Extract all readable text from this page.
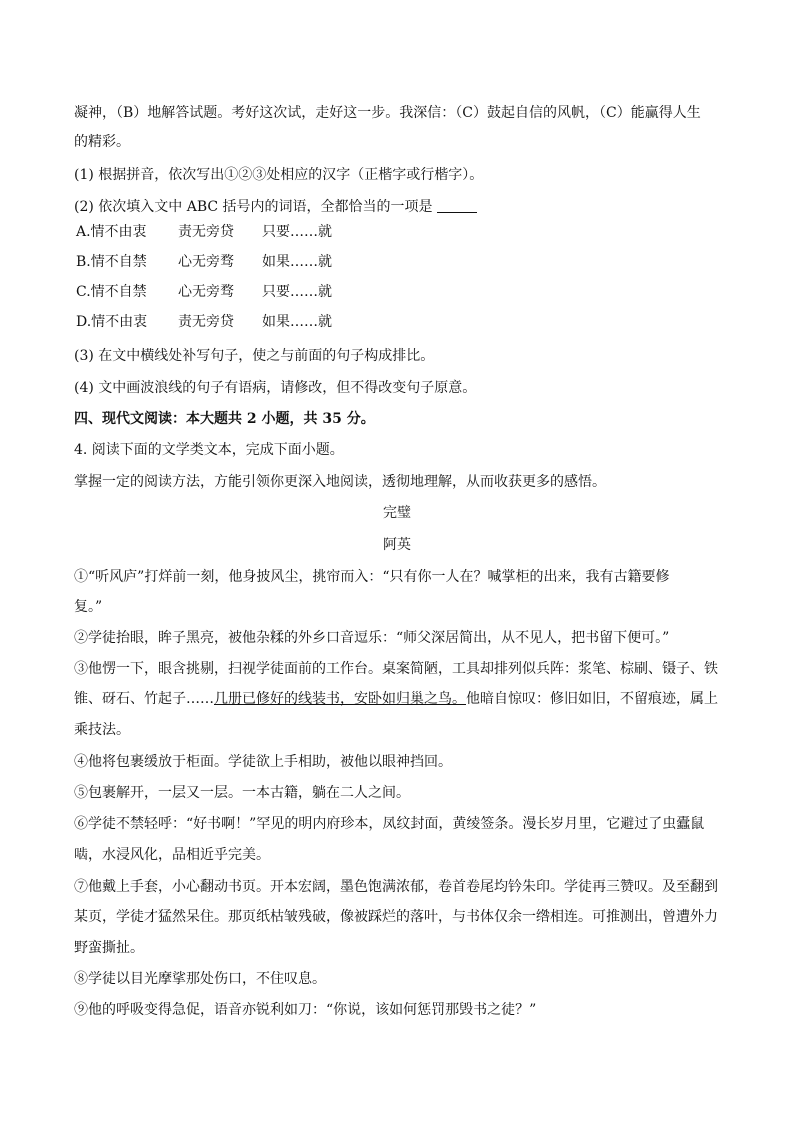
凝神，（B）地解答试题。考好这次试，走好这一步。我深信：（C）鼓起自信的风帆，（C）能赢得人生
的精彩。
(1) 根据拼音，依次写出①②③处相应的汉字（正楷字或行楷字）。
(2) 依次填入文中 ABC 括号内的词语，全都恰当的一项是
A.情不由衷 责无旁贷 只要……就
B.情不自禁 心无旁骛 如果……就
C.情不自禁 心无旁骛 只要……就
D.情不由衷 责无旁贷 如果……就
(3) 在文中横线处补写句子，使之与前面的句子构成排比。
(4) 文中画波浪线的句子有语病，请修改，但不得改变句子原意。
四、现代文阅读：本大题共 2 小题，共 35 分。
4. 阅读下面的文学类文本，完成下面小题。
掌握一定的阅读方法，方能引领你更深入地阅读，透彻地理解，从而收获更多的感悟。
完璧
阿英
①“听风庐”打烊前一刻，他身披风尘，挑帘而入：“只有你一人在？喊掌柜的出来，我有古籍要修
复。”
②学徒抬眼，眸子黑亮，被他杂糅的外乡口音逗乐：“师父深居简出，从不见人，把书留下便可。”
③他愣一下，眼含挑剔，扫视学徒面前的工作台。桌案简陋，工具却排列似兵阵：浆笔、棕刷、镊子、铁
锥、砑石、竹起子……几册已修好的线装书，安卧如归巢之鸟。他暗自惊叹：修旧如旧，不留痕迹，属上
乘技法。
④他将包裹缓放于柜面。学徒欲上手相助，被他以眼神挡回。
⑤包裹解开，一层又一层。一本古籍，躺在二人之间。
⑥学徒不禁轻呼：“好书啊！”罕见的明内府珍本，凤纹封面，黄绫签条。漫长岁月里，它避过了虫蠹鼠
啮，水浸风化，品相近乎完美。
⑦他戴上手套，小心翻动书页。开本宏阔，墨色饱满浓郁，卷首卷尾均钤朱印。学徒再三赞叹。及至翻到
某页，学徒才猛然呆住。那页纸枯皱残破，像被踩烂的落叶，与书体仅余一绺相连。可推测出，曾遭外力
野蛮撕扯。
⑧学徒以目光摩挲那处伤口，不住叹息。
⑨他的呼吸变得急促，语音亦锐利如刀：“你说，该如何惩罚那毁书之徒？”
